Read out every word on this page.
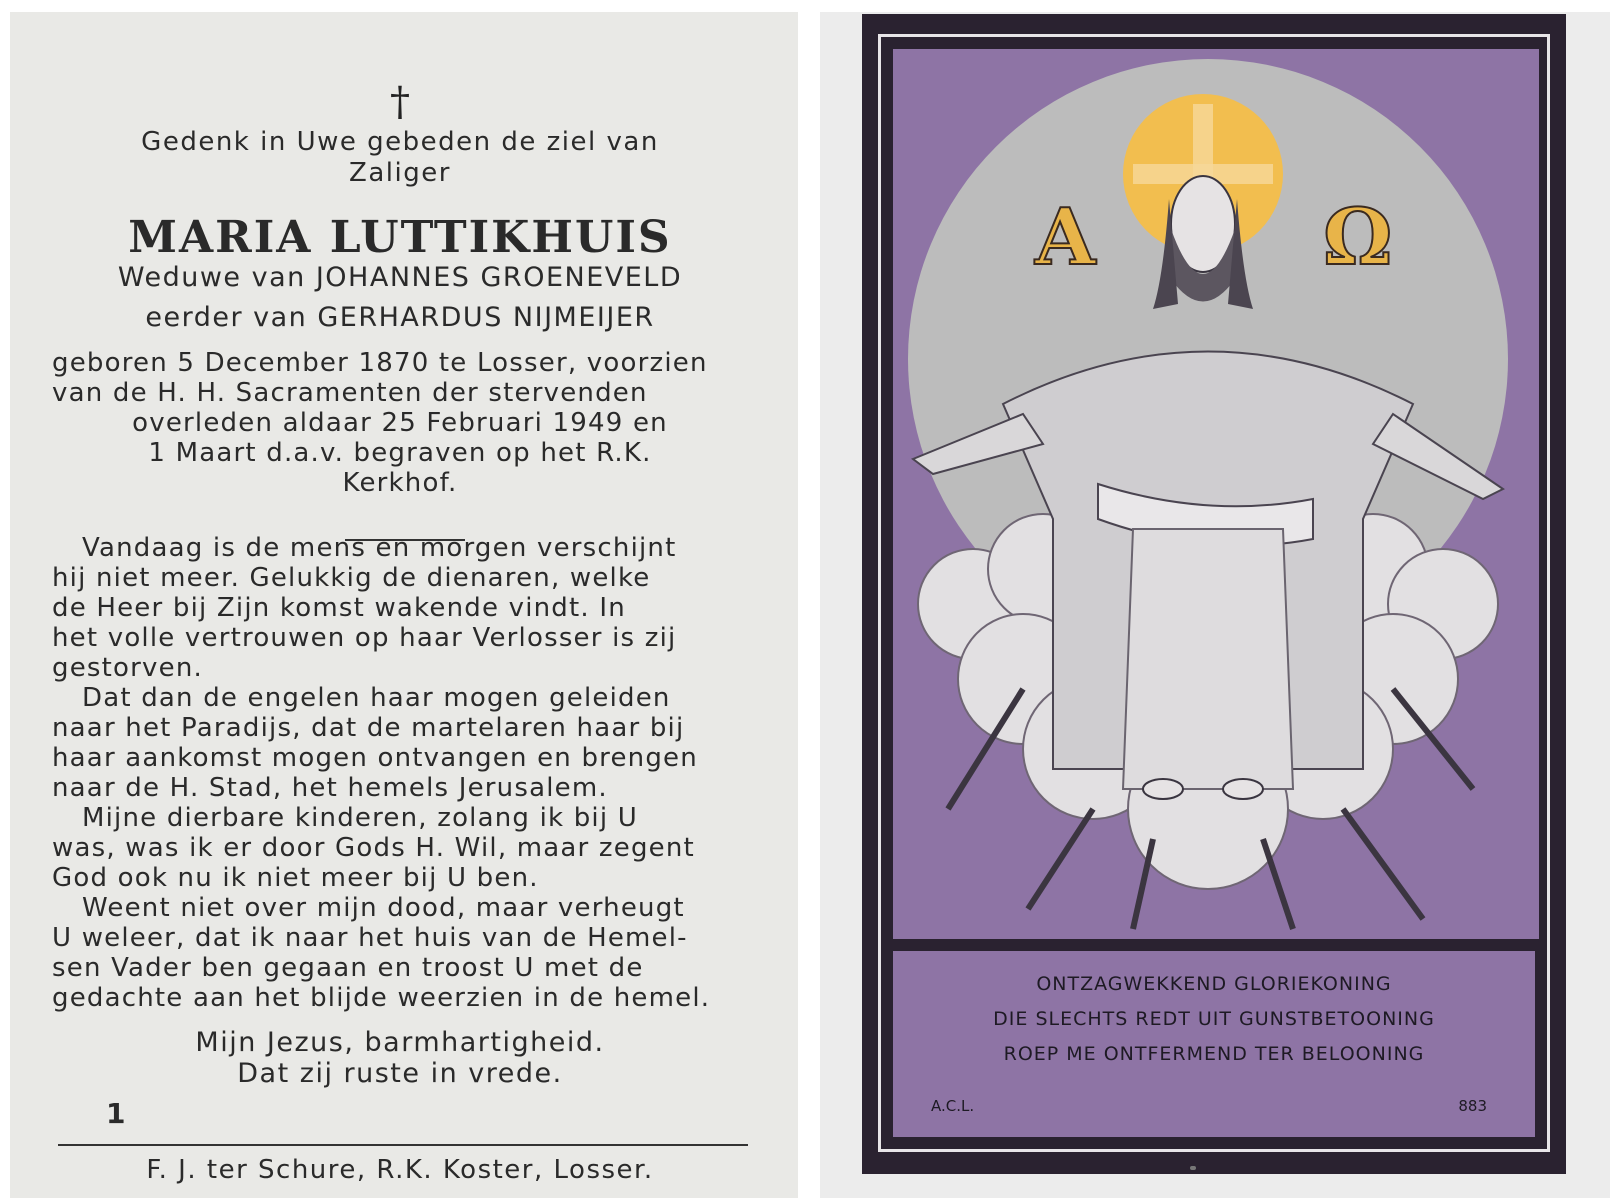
†
Gedenk in Uwe gebeden de ziel van
Zaliger
MARIA LUTTIKHUIS
Weduwe van JOHANNES GROENEVELD
eerder van GERHARDUS NIJMEIJER
geboren 5 December 1870 te Losser, voorzien
van de H. H. Sacramenten der stervenden
overleden aldaar 25 Februari 1949 en
1 Maart d.a.v. begraven op het R.K.
Kerkhof.
Vandaag is de mens en morgen verschijnt
hij niet meer. Gelukkig de dienaren, welke
de Heer bij Zijn komst wakende vindt. In
het volle vertrouwen op haar Verlosser is zij
gestorven.
Dat dan de engelen haar mogen geleiden
naar het Paradijs, dat de martelaren haar bij
haar aankomst mogen ontvangen en brengen
naar de H. Stad, het hemels Jerusalem.
Mijne dierbare kinderen, zolang ik bij U
was, was ik er door Gods H. Wil, maar zegent
God ook nu ik niet meer bij U ben.
Weent niet over mijn dood, maar verheugt
U weleer, dat ik naar het huis van de Hemel-
sen Vader ben gegaan en troost U met de
gedachte aan het blijde weerzien in de hemel.
Mijn Jezus, barmhartigheid.
Dat zij ruste in vrede.
1
F. J. ter Schure, R.K. Koster, Losser.
A	Ω
ONTZAGWEKKEND GLORIEKONING
DIE SLECHTS REDT UIT GUNSTBETOONING
ROEP ME ONTFERMEND TER BELOONING
A.C.L.	883
